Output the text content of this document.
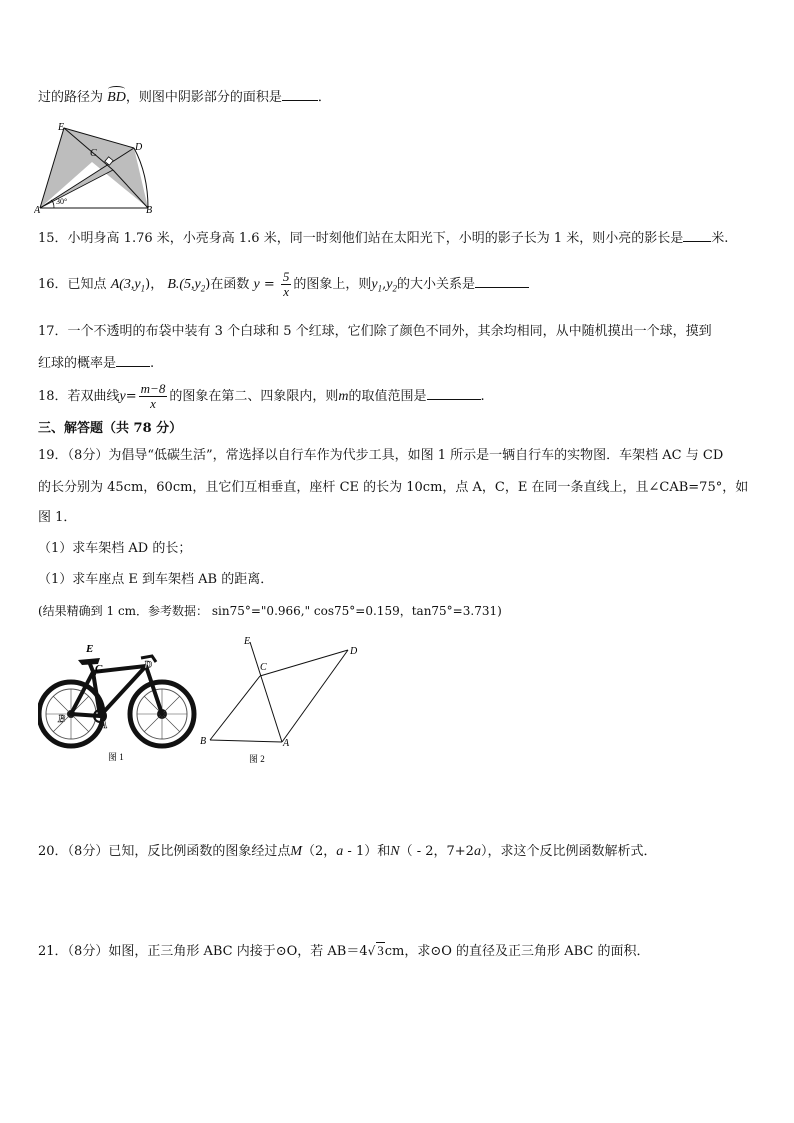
过的路径为 BD，则图中阴影部分的面积是	．
E
C
D
A	B
30°
15．小明身高 1.76 米，小亮身高 1.6 米，同一时刻他们站在太阳光下，小明的影子长为 1 米，则小亮的影长是 米.
16．已知点 $A(3,y_1)$， $B.(5,y_2)$在函数 $y = \frac{5}{x}$ 的图象上，则$y_1,y_2$的大小关系是
17．一个不透明的布袋中装有 3 个白球和 5 个红球，它们除了颜色不同外，其余均相同，从中随机摸出一个球，摸到
红球的概率是	.
18．若双曲线$y= \frac{m-8}{x}$ 的图象在第二、四象限内，则m的取值范围是	.
三、解答题（共 78 分）
19．（8分）为倡导“低碳生活”，常选择以自行车作为代步工具，如图 1 所示是一辆自行车的实物图．车架档 AC 与 CD
的长分别为 45cm，60cm，且它们互相垂直，座杆 CE 的长为 10cm，点 A，C，E 在同一条直线上，且∠CAB=75°，如
图 1．
（1）求车架档 AD 的长；
（1）求车座点 E 到车架档 AB 的距离．
(结果精确到 1 cm．参考数据： sin75°="0.966," cos75°=0.159，tan75°=3.731)
E
C	D
B	A
图 1
E
C
D
B	A
图 2
20．（8分）已知，反比例函数的图象经过点M（2，a - 1）和N（ - 2，7+2a），求这个反比例函数解析式．
21．（8分）如图，正三角形 ABC 内接于⊙O，若 AB＝4√ 3cm，求⊙O 的直径及正三角形 ABC 的面积．
